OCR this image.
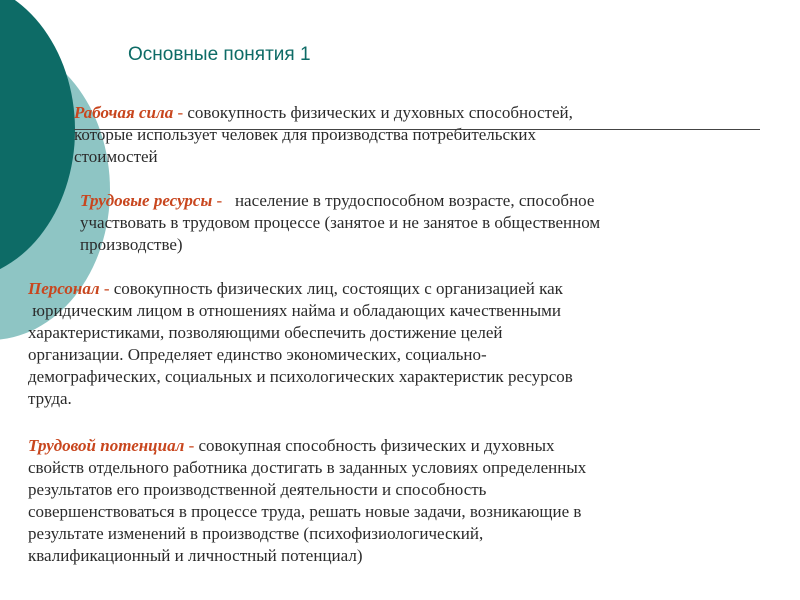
Основные понятия 1
Рабочая сила - совокупность физических и духовных способностей,
которые использует человек для производства потребительских
стоимостей
Трудовые ресурсы -   население в трудоспособном возрасте, способное
участвовать в трудовом процессе (занятое и не занятое в общественном
производстве)
Персонал - совокупность физических лиц, состоящих с организацией как
юридическим лицом в отношениях найма и обладающих качественными
характеристиками, позволяющими обеспечить достижение целей
организации. Определяет единство экономических, социально-
демографических, социальных и психологических характеристик ресурсов
труда.
Трудовой потенциал - совокупная способность физических и духовных
свойств отдельного работника достигать в заданных условиях определенных
результатов его производственной деятельности и способность
совершенствоваться в процессе труда, решать новые задачи, возникающие в
результате изменений в производстве (психофизиологический,
квалификационный и личностный потенциал)
